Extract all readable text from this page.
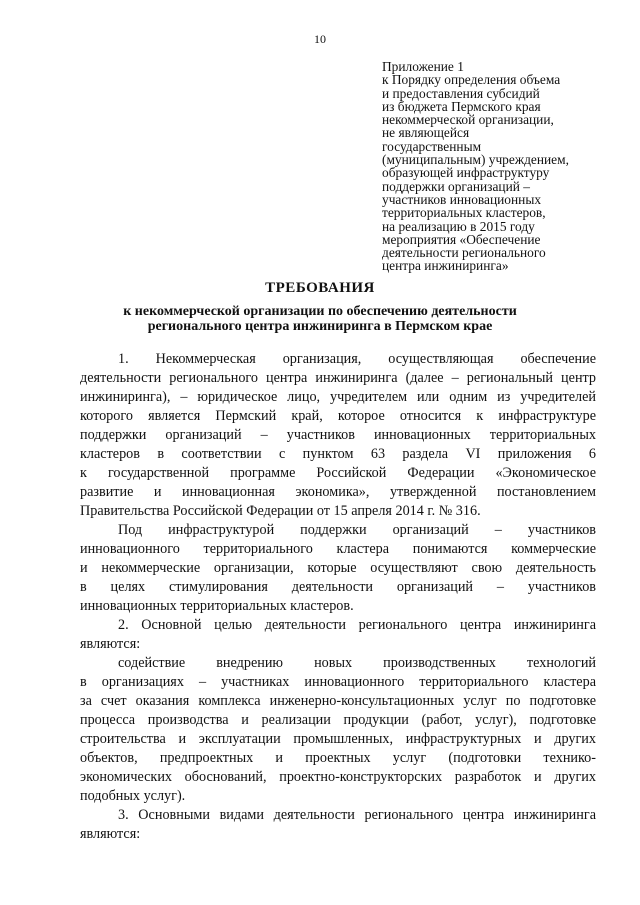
10
Приложение 1
к Порядку определения объема
и предоставления субсидий
из бюджета Пермского края
некоммерческой организации,
не являющейся
государственным
(муниципальным) учреждением,
образующей инфраструктуру
поддержки организаций –
участников инновационных
территориальных кластеров,
на реализацию в 2015 году
мероприятия «Обеспечение
деятельности регионального
центра инжиниринга»
ТРЕБОВАНИЯ
к некоммерческой организации по обеспечению деятельности
регионального центра инжиниринга в Пермском крае
1. Некоммерческая организация, осуществляющая обеспечение
деятельности регионального центра инжиниринга (далее – региональный центр
инжиниринга), – юридическое лицо, учредителем или одним из учредителей
которого является Пермский край, которое относится к инфраструктуре
поддержки организаций – участников инновационных территориальных
кластеров в соответствии с пунктом 63 раздела VI приложения 6
к государственной программе Российской Федерации «Экономическое
развитие и инновационная экономика», утвержденной постановлением
Правительства Российской Федерации от 15 апреля 2014 г. № 316.
Под инфраструктурой поддержки организаций – участников
инновационного территориального кластера понимаются коммерческие
и некоммерческие организации, которые осуществляют свою деятельность
в целях стимулирования деятельности организаций – участников
инновационных территориальных кластеров.
2. Основной целью деятельности регионального центра инжиниринга
являются:
содействие внедрению новых производственных технологий
в организациях – участниках инновационного территориального кластера
за счет оказания комплекса инженерно-консультационных услуг по подготовке
процесса производства и реализации продукции (работ, услуг), подготовке
строительства и эксплуатации промышленных, инфраструктурных и других
объектов, предпроектных и проектных услуг (подготовки технико-
экономических обоснований, проектно-конструкторских разработок и других
подобных услуг).
3. Основными видами деятельности регионального центра инжиниринга
являются:
